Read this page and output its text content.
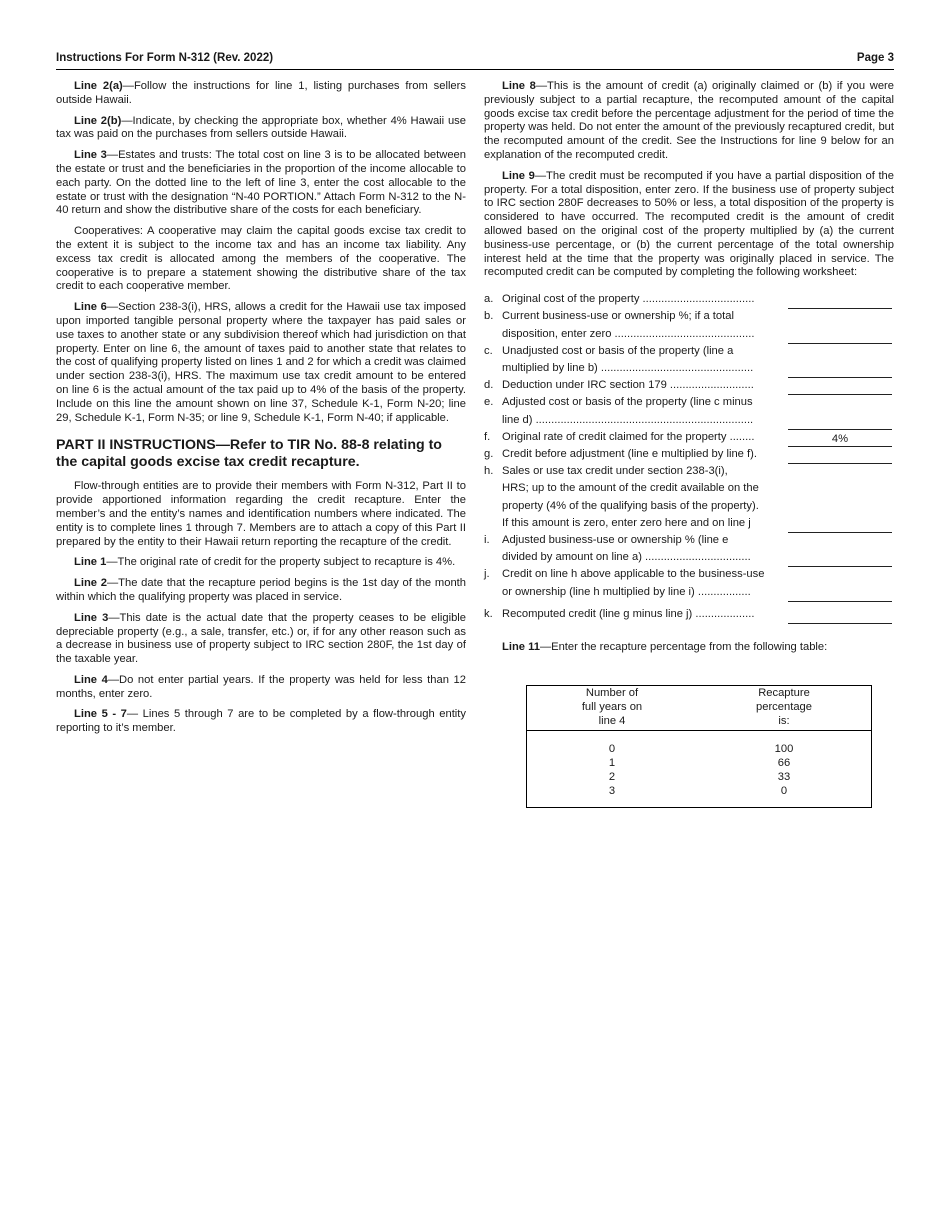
Instructions For Form N-312 (Rev. 2022)	Page 3

Line 2(a)—Follow the instructions for line 1, listing purchases from sellers outside Hawaii.

Line 2(b)—Indicate, by checking the appropriate box, whether 4% Hawaii use tax was paid on the purchases from sellers outside Hawaii.

Line 3—Estates and trusts: The total cost on line 3 is to be allocated between the estate or trust and the beneficiaries in the proportion of the income allocable to each party. On the dotted line to the left of line 3, enter the cost allocable to the estate or trust with the designation “N-40 PORTION.” Attach Form N-312 to the N-40 return and show the distributive share of the costs for each beneficiary.

Cooperatives: A cooperative may claim the capital goods excise tax credit to the extent it is subject to the income tax and has an income tax liability. Any excess tax credit is allocated among the members of the cooperative. The cooperative is to prepare a statement showing the distributive share of the tax credit to each cooperative member.

Line 6—Section 238-3(i), HRS, allows a credit for the Hawaii use tax imposed upon imported tangible personal property where the taxpayer has paid sales or use taxes to another state or any subdivision thereof which had jurisdiction on that property. Enter on line 6, the amount of taxes paid to another state that relates to the cost of qualifying property listed on lines 1 and 2 for which a credit was claimed under section 238-3(i), HRS. The maximum use tax credit amount to be entered on line 6 is the actual amount of the tax paid up to 4% of the basis of the property. Include on this line the amount shown on line 37, Schedule K-1, Form N-20; line 29, Schedule K-1, Form N-35; or line 9, Schedule K-1, Form N-40; if applicable.

PART II INSTRUCTIONS—Refer to TIR No. 88-8 relating to the capital goods excise tax credit recapture.

Flow-through entities are to provide their members with Form N-312, Part II to provide apportioned information regarding the credit recapture. Enter the member’s and the entity’s names and identification numbers where indicated. The entity is to complete lines 1 through 7. Members are to attach a copy of this Part II prepared by the entity to their Hawaii return reporting the recapture of the credit.

Line 1—The original rate of credit for the property subject to recapture is 4%.

Line 2—The date that the recapture period begins is the 1st day of the month within which the qualifying property was placed in service.

Line 3—This date is the actual date that the property ceases to be eligible depreciable property (e.g., a sale, transfer, etc.) or, if for any other reason such as a decrease in business use of property subject to IRC section 280F, the 1st day of the taxable year.

Line 4—Do not enter partial years. If the property was held for less than 12 months, enter zero.

Line 5 - 7— Lines 5 through 7 are to be completed by a flow-through entity reporting to it’s member.

Line 8—This is the amount of credit (a) originally claimed or (b) if you were previously subject to a partial recapture, the recomputed amount of the capital goods excise tax credit before the percentage adjustment for the period of time the property was held. Do not enter the amount of the previously recaptured credit, but the recomputed amount of the credit. See the Instructions for line 9 below for an explanation of the recomputed credit.

Line 9—The credit must be recomputed if you have a partial disposition of the property. For a total disposition, enter zero. If the business use of property subject to IRC section 280F decreases to 50% or less, a total disposition of the property is considered to have occurred. The recomputed credit is the amount of credit allowed based on the original cost of the property multiplied by (a) the current business-use percentage, or (b) the current percentage of the total ownership interest held at the time that the property was originally placed in service. The recomputed credit can be computed by completing the following worksheet:

a. Original cost of the property ....................................
b. Current business-use or ownership %; if a total
disposition, enter zero .............................................
c. Unadjusted cost or basis of the property (line a
multiplied by line b) .................................................
d. Deduction under IRC section 179 ...........................
e. Adjusted cost or basis of the property (line c minus
line d) ......................................................................
f. Original rate of credit claimed for the property ........	4%
g. Credit before adjustment (line e multiplied by line f).
h. Sales or use tax credit under section 238-3(i),
HRS; up to the amount of the credit available on the
property (4% of the qualifying basis of the property).
If this amount is zero, enter zero here and on line j
i. Adjusted business-use or ownership % (line e
divided by amount on line a) ..................................
j. Credit on line h above applicable to the business-use
or ownership (line h multiplied by line i) .................
k. Recomputed credit (line g minus line j) ...................

Line 11—Enter the recapture percentage from the following table:

Number of
full years on
line 4
Recapture
percentage
is:
0
1
2
3
100
66
33
0
